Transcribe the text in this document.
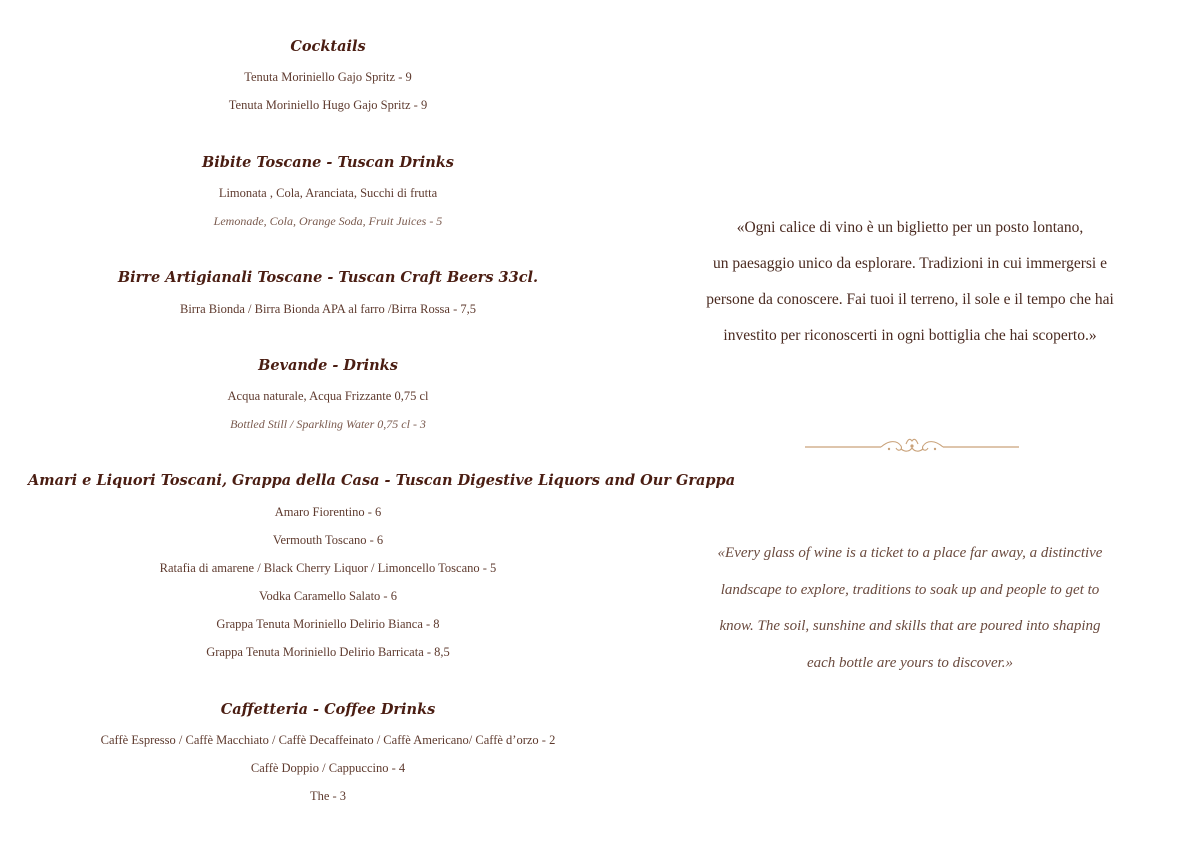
Cocktails
Tenuta Moriniello Gajo Spritz - 9
Tenuta Moriniello Hugo Gajo Spritz - 9
Bibite Toscane - Tuscan Drinks
Limonata , Cola, Aranciata, Succhi di frutta
Lemonade, Cola, Orange Soda, Fruit Juices - 5
Birre Artigianali Toscane - Tuscan Craft Beers 33cl.
Birra Bionda / Birra Bionda APA al farro /Birra Rossa - 7,5
Bevande - Drinks
Acqua naturale, Acqua Frizzante 0,75 cl
Bottled Still / Sparkling Water 0,75 cl - 3
Amari e Liquori Toscani, Grappa della Casa - Tuscan Digestive Liquors and Our Grappa
Amaro Fiorentino - 6
Vermouth Toscano - 6
Ratafia di amarene / Black Cherry Liquor / Limoncello Toscano - 5
Vodka Caramello Salato - 6
Grappa Tenuta Moriniello Delirio Bianca - 8
Grappa Tenuta Moriniello Delirio Barricata - 8,5
Caffetteria - Coffee Drinks
Caffè Espresso / Caffè Macchiato / Caffè Decaffeinato / Caffè Americano/ Caffè d’orzo - 2
Caffè Doppio / Cappuccino - 4
The - 3
«Ogni calice di vino è un biglietto per un posto lontano,
un paesaggio unico da esplorare. Tradizioni in cui immergersi e
persone da conoscere. Fai tuoi il terreno, il sole e il tempo che hai
investito per riconoscerti in ogni bottiglia che hai scoperto.»
«Every glass of wine is a ticket to a place far away, a distinctive
landscape to explore, traditions to soak up and people to get to
know. The soil, sunshine and skills that are poured into shaping
each bottle are yours to discover.»
